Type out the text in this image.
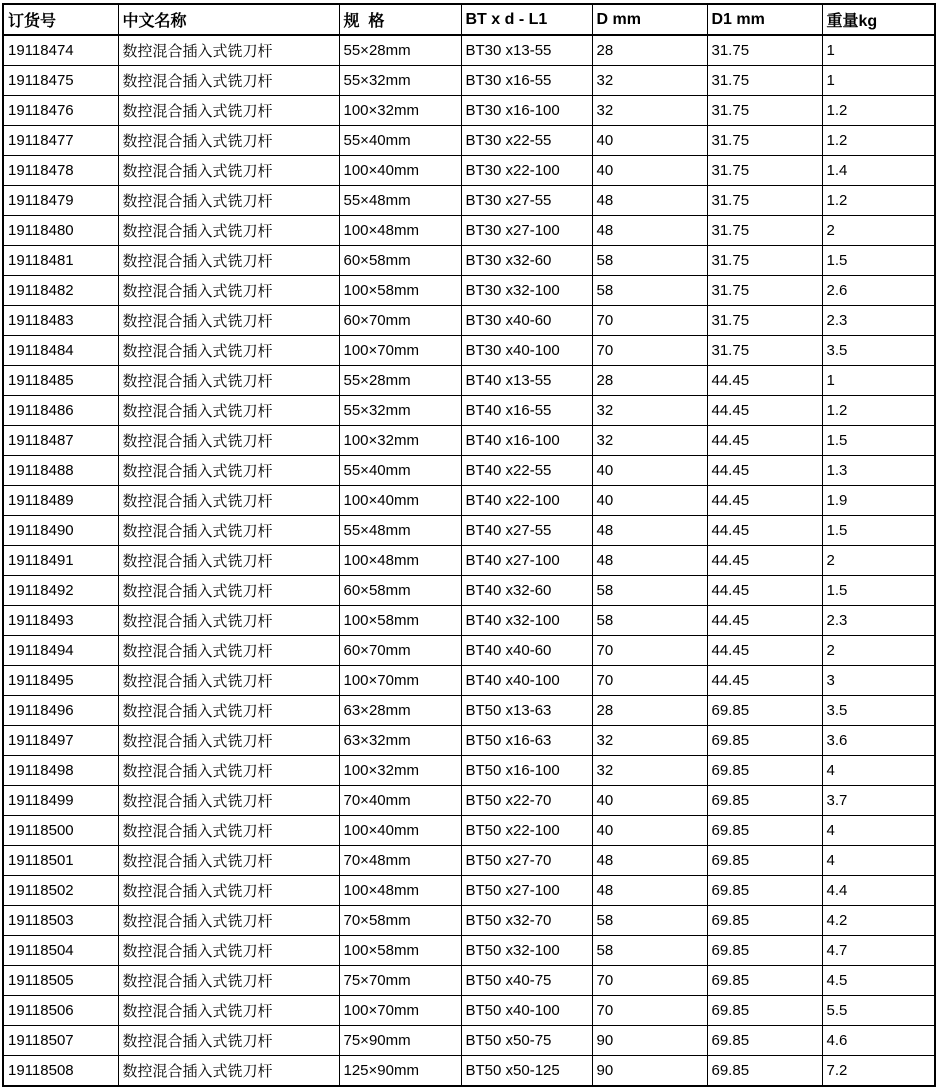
订货号	中文名称	规  格	BT x d - L1	D mm	D1 mm	重量kg
19118474	数控混合插入式铣刀杆	55×28mm	BT30 x13-55	28	31.75	1
19118475	数控混合插入式铣刀杆	55×32mm	BT30 x16-55	32	31.75	1
19118476	数控混合插入式铣刀杆	100×32mm	BT30 x16-100	32	31.75	1.2
19118477	数控混合插入式铣刀杆	55×40mm	BT30 x22-55	40	31.75	1.2
19118478	数控混合插入式铣刀杆	100×40mm	BT30 x22-100	40	31.75	1.4
19118479	数控混合插入式铣刀杆	55×48mm	BT30 x27-55	48	31.75	1.2
19118480	数控混合插入式铣刀杆	100×48mm	BT30 x27-100	48	31.75	2
19118481	数控混合插入式铣刀杆	60×58mm	BT30 x32-60	58	31.75	1.5
19118482	数控混合插入式铣刀杆	100×58mm	BT30 x32-100	58	31.75	2.6
19118483	数控混合插入式铣刀杆	60×70mm	BT30 x40-60	70	31.75	2.3
19118484	数控混合插入式铣刀杆	100×70mm	BT30 x40-100	70	31.75	3.5
19118485	数控混合插入式铣刀杆	55×28mm	BT40 x13-55	28	44.45	1
19118486	数控混合插入式铣刀杆	55×32mm	BT40 x16-55	32	44.45	1.2
19118487	数控混合插入式铣刀杆	100×32mm	BT40 x16-100	32	44.45	1.5
19118488	数控混合插入式铣刀杆	55×40mm	BT40 x22-55	40	44.45	1.3
19118489	数控混合插入式铣刀杆	100×40mm	BT40 x22-100	40	44.45	1.9
19118490	数控混合插入式铣刀杆	55×48mm	BT40 x27-55	48	44.45	1.5
19118491	数控混合插入式铣刀杆	100×48mm	BT40 x27-100	48	44.45	2
19118492	数控混合插入式铣刀杆	60×58mm	BT40 x32-60	58	44.45	1.5
19118493	数控混合插入式铣刀杆	100×58mm	BT40 x32-100	58	44.45	2.3
19118494	数控混合插入式铣刀杆	60×70mm	BT40 x40-60	70	44.45	2
19118495	数控混合插入式铣刀杆	100×70mm	BT40 x40-100	70	44.45	3
19118496	数控混合插入式铣刀杆	63×28mm	BT50 x13-63	28	69.85	3.5
19118497	数控混合插入式铣刀杆	63×32mm	BT50 x16-63	32	69.85	3.6
19118498	数控混合插入式铣刀杆	100×32mm	BT50 x16-100	32	69.85	4
19118499	数控混合插入式铣刀杆	70×40mm	BT50 x22-70	40	69.85	3.7
19118500	数控混合插入式铣刀杆	100×40mm	BT50 x22-100	40	69.85	4
19118501	数控混合插入式铣刀杆	70×48mm	BT50 x27-70	48	69.85	4
19118502	数控混合插入式铣刀杆	100×48mm	BT50 x27-100	48	69.85	4.4
19118503	数控混合插入式铣刀杆	70×58mm	BT50 x32-70	58	69.85	4.2
19118504	数控混合插入式铣刀杆	100×58mm	BT50 x32-100	58	69.85	4.7
19118505	数控混合插入式铣刀杆	75×70mm	BT50 x40-75	70	69.85	4.5
19118506	数控混合插入式铣刀杆	100×70mm	BT50 x40-100	70	69.85	5.5
19118507	数控混合插入式铣刀杆	75×90mm	BT50 x50-75	90	69.85	4.6
19118508	数控混合插入式铣刀杆	125×90mm	BT50 x50-125	90	69.85	7.2
